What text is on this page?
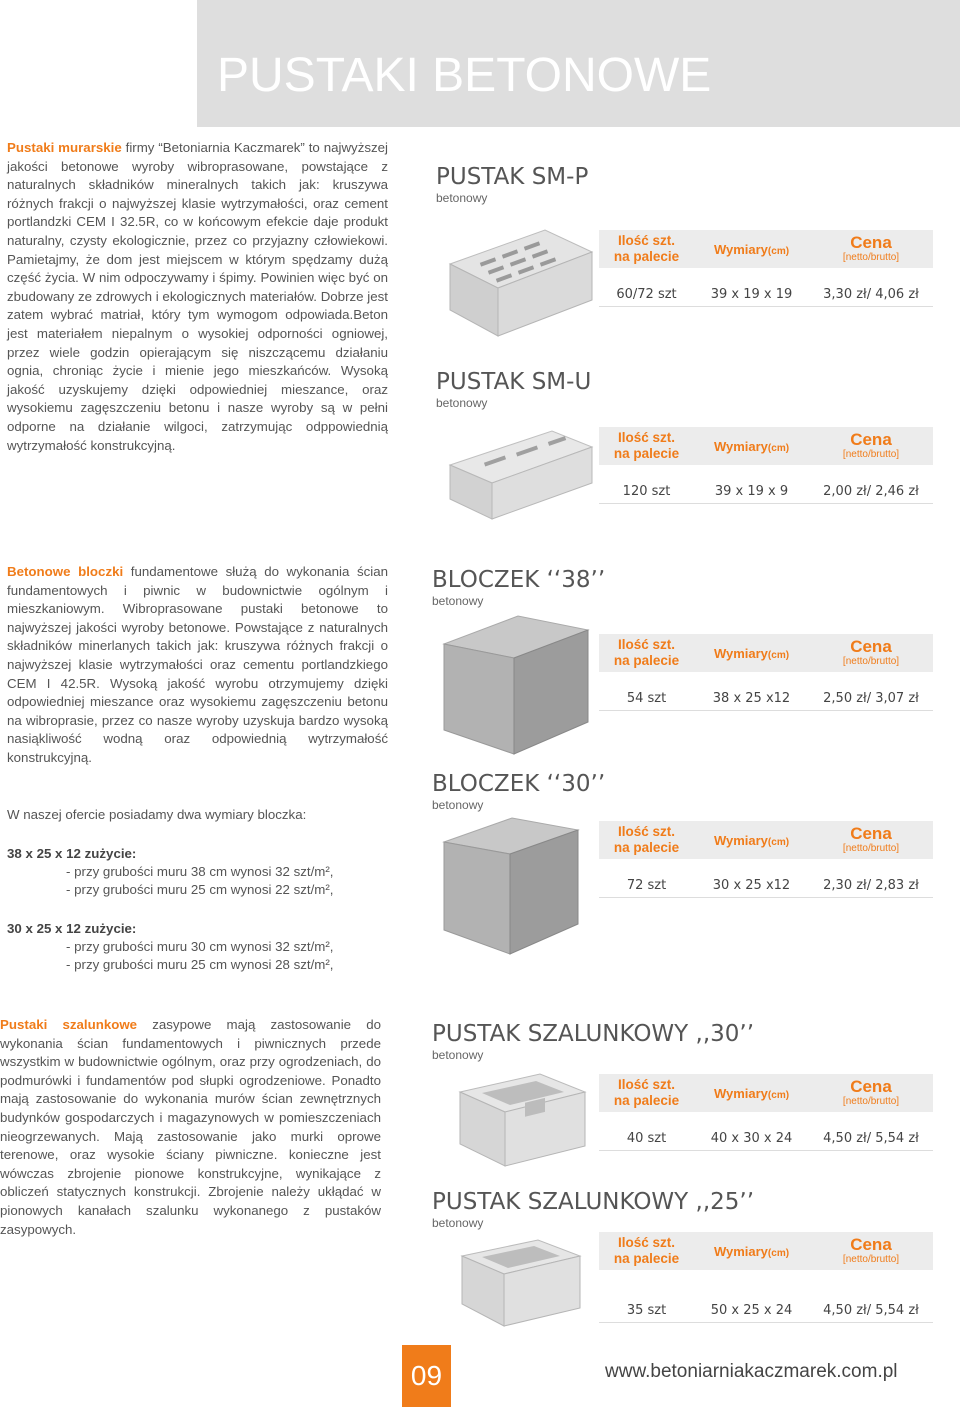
PUSTAKI BETONOWE
Pustaki murarskie firmy “Betoniarnia Kaczmarek” to najwyższej jakości betonowe wyroby wibroprasowane, powstające z naturalnych składników mineralnych takich jak: kruszywa różnych frakcji o najwyższej klasie wytrzymałości, oraz cement portlandzki CEM I 32.5R, co w końcowym efekcie daje produkt naturalny, czysty ekologicznie, przez co przyjazny człowiekowi. Pamietajmy, że dom jest miejscem w którym spędzamy dużą część życia. W nim odpoczywamy i śpimy. Powinien więc być on zbudowany ze zdrowych i ekologicznych materiałów. Dobrze jest zatem wybrać matriał, który tym wymogom odpowiada.Beton jest materiałem niepalnym o wysokiej odporności ogniowej, przez wiele godzin opierającym się niszczącemu działaniu ognia, chroniąc życie i mienie jego mieszkańców. Wysoką jakość uzyskujemy dzięki odpowiedniej mieszance, oraz wysokiemu zagęszczeniu betonu i nasze wyroby są w pełni odporne na działanie wilgoci, zatrzymując odppowiednią wytrzymałość konstrukcyjną.
Betonowe bloczki fundamentowe służą do wykonania ścian fundamentowych i piwnic w budownictwie ogólnym i mieszkaniowym. Wibroprasowane pustaki betonowe to najwyższej jakości wyroby betonowe. Powstające z naturalnych składników minerlanych takich jak: kruszywa różnych frakcji o najwyższej klasie wytrzymałości oraz cementu portlandzkiego CEM I 42.5R. Wysoką jakość wyrobu otrzymujemy dzięki odpowiedniej mieszance oraz wysokiemu zagęszczeniu betonu na wibroprasie, przez co nasze wyroby uzyskuja bardzo wysoką nasiąkliwość wodną oraz odpowiednią wytrzymałość konstrukcyjną.
W naszej ofercie posiadamy dwa wymiary bloczka:
38 x 25 x 12 zużycie:
- przy grubości muru 38 cm wynosi 32 szt/m²,
- przy grubości muru 25 cm wynosi 22 szt/m²,
30 x 25 x 12 zużycie:
- przy grubości muru 30 cm wynosi 32 szt/m²,
- przy grubości muru 25 cm wynosi 28 szt/m²,
Pustaki szalunkowe zasypowe mają zastosowanie do wykonania ścian fundamentowych i piwnicznych przede wszystkim w budownictwie ogólnym, oraz przy ogrodzeniach, do podmurówki i fundamentów pod słupki ogrodzeniowe. Ponadto mają zastosowanie do wykonania murów ścian zewnętrznych budynków gospodarczych i magazynowych w pomieszczeniach nieogrzewanych. Mają zastosowanie jako murki oprowe terenowe, oraz wysokie ściany piwniczne. konieczne jest wówczas zbrojenie pionowe konstrukcyjne, wynikające z obliczeń statycznych konstrukcji. Zbrojenie należy ukłądać w pionowych kanałach szalunku wykonanego z pustaków zasypowych.
PUSTAK SM-P
betonowy
Ilość szt.
na palecie	Wymiary(cm)	Cena
[netto/brutto]
60/72 szt	39 x 19 x 19	3,30 zł/ 4,06 zł
PUSTAK SM-U
betonowy
Ilość szt.
na palecie	Wymiary(cm)	Cena
[netto/brutto]
120 szt	39 x 19 x 9	2,00 zł/ 2,46 zł
BLOCZEK ʻʻ38ʼʼ
betonowy
Ilość szt.
na palecie	Wymiary(cm)	Cena
[netto/brutto]
54 szt	38 x 25 x12	2,50 zł/ 3,07 zł
BLOCZEK ʻʻ30ʼʼ
betonowy
Ilość szt.
na palecie	Wymiary(cm)	Cena
[netto/brutto]
72 szt	30 x 25 x12	2,30 zł/ 2,83 zł
PUSTAK SZALUNKOWY ,,30ʼʼ
betonowy
Ilość szt.
na palecie	Wymiary(cm)	Cena
[netto/brutto]
40 szt	40 x 30 x 24	4,50 zł/ 5,54 zł
PUSTAK SZALUNKOWY ,,25ʼʼ
betonowy
Ilość szt.
na palecie	Wymiary(cm)	Cena
[netto/brutto]
35 szt	50 x 25 x 24	4,50 zł/ 5,54 zł
09	www.betoniarniakaczmarek.com.pl
